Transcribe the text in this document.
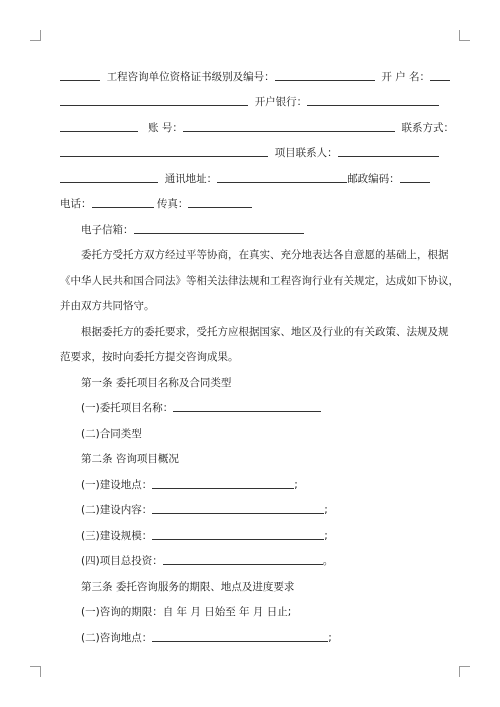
工程咨询单位资格证书级别及编号：	开 户 名：
开户银行：
账 号：	联系方式：
项目联系人：
通讯地址：	邮政编码：
电话：	传真：
电子信箱：
委托方受托方双方经过平等协商，在真实、充分地表达各自意愿的基础上，根据
《中华人民共和国合同法》等相关法律法规和工程咨询行业有关规定，达成如下协议，
并由双方共同恪守。
根据委托方的委托要求，受托方应根据国家、地区及行业的有关政策、法规及规
范要求，按时向委托方提交咨询成果。
第一条 委托项目名称及合同类型
(一)委托项目名称：
(二)合同类型
第二条 咨询项目概况
(一)建设地点：	;
(二)建设内容：	;
(三)建设规模：	;
(四)项目总投资：	。
第三条 委托咨询服务的期限、地点及进度要求
(一)咨询的期限：自 年 月 日始至 年 月 日止;
(二)咨询地点：	;
